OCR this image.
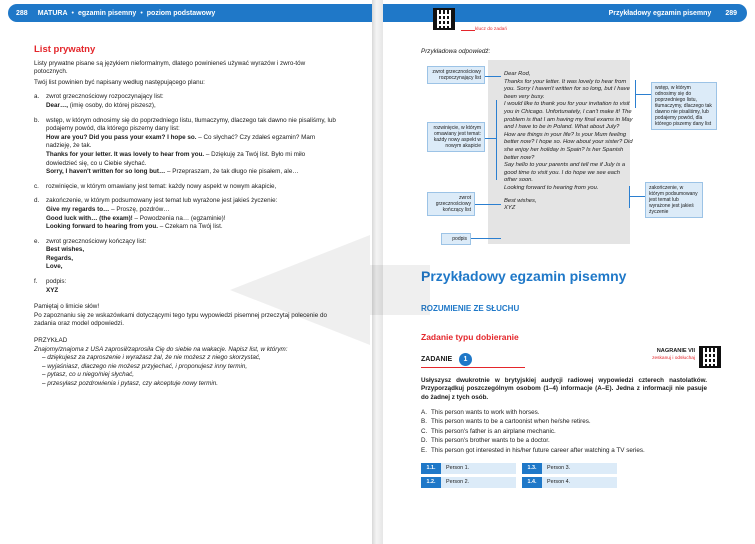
288 MATURA • egzamin pisemny • poziom podstawowy
List prywatny
Listy prywatne pisane są językiem nieformalnym, dlatego powinieneś używać wyrazów i zwro-tów potocznych.
Twój list powinien być napisany według następującego planu:
a.	zwrot grzecznościowy rozpoczynający list:
Dear…, (imię osoby, do której piszesz),
b.	wstęp, w którym odnosimy się do poprzedniego listu, tłumaczymy, dlaczego tak dawno nie pisaliśmy, lub podajemy powód, dla którego piszemy dany list:
How are you? Did you pass your exam? I hope so. – Co słychać? Czy zdałeś egzamin? Mam nadzieję, że tak.
Thanks for your letter. It was lovely to hear from you. – Dziękuję za Twój list. Było mi miło dowiedzieć się, co u Ciebie słychać.
Sorry, I haven't written for so long but… – Przepraszam, że tak długo nie pisałem, ale…
c.	rozwinięcie, w którym omawiany jest temat: każdy nowy aspekt w nowym akapicie,
d.	zakończenie, w którym podsumowany jest temat lub wyrażone jest jakieś życzenie:
Give my regards to… – Proszę, pozdrów…
Good luck with… (the exam)! – Powodzenia na… (egzaminie)!
Looking forward to hearing from you. – Czekam na Twój list.
e.	zwrot grzecznościowy kończący list:
Best wishes,
Regards,
Love,
f.	podpis:
XYZ
Pamiętaj o limicie słów!
Po zapoznaniu się ze wskazówkami dotyczącymi tego typu wypowiedzi pisemnej przeczytaj polecenie do zadania oraz model odpowiedzi.
PRZYKŁAD
Znajomy/znajoma z USA zaprosił/zaprosiła Cię do siebie na wakacje. Napisz list, w którym:
– dziękujesz za zaproszenie i wyrażasz żal, że nie możesz z niego skorzystać,
– wyjaśniasz, dlaczego nie możesz przyjechać, i proponujesz inny termin,
– pytasz, co u niego/niej słychać,
– przesyłasz pozdrowienia i pytasz, czy akceptuje nowy termin.
Przykładowy egzamin pisemny 289
klucz do zadań
Przykładowa odpowiedź:
Dear Rod,
Thanks for your letter. It was lovely to hear from you. Sorry I haven't written for so long, but I have been very busy.
I would like to thank you for your invitation to visit you in Chicago. Unfortunately, I can't make it! The problem is that I am having my final exams in May and I have to be in Poland. What about July?
How are things in your life? Is your Mum feeling better now? I hope so. How about your sister? Did she enjoy her holiday in Spain? Is her Spanish better now?
Say hello to your parents and tell me if July is a good time to visit you. I do hope we see each other soon.
Looking forward to hearing from you.
Best wishes,
XYZ
zwrot grzecznościowy rozpoczynający list
rozwinięcie, w którym omawiany jest temat: każdy nowy aspekt w nowym akapicie
zwrot grzecznościowy kończący list
podpis
wstęp, w którym odnosimy się do poprzedniego listu, tłumaczymy, dlaczego tak dawno nie pisaliśmy, lub podajemy powód, dla którego piszemy dany list
zakończenie, w którym podsumowany jest temat lub wyrażone jest jakieś życzenie
Przykładowy egzamin pisemny
ROZUMIENIE ZE SŁUCHU
Zadanie typu dobieranie
ZADANIE	1
NAGRANIE VII
zeskanuj i odsłuchaj
Usłyszysz dwukrotnie w brytyjskiej audycji radiowej wypowiedzi czterech nastolatków. Przyporządkuj poszczególnym osobom (1–4) informacje (A–E). Jedna z informacji nie pasuje do żadnej z tych osób.
A. This person wants to work with horses.
B. This person wants to be a cartoonist when he/she retires.
C. This person's father is an airplane mechanic.
D. This person's brother wants to be a doctor.
E. This person got interested in his/her future career after watching a TV series.
1.1.	Person 1.	1.3.	Person 3.
1.2.	Person 2.	1.4.	Person 4.
